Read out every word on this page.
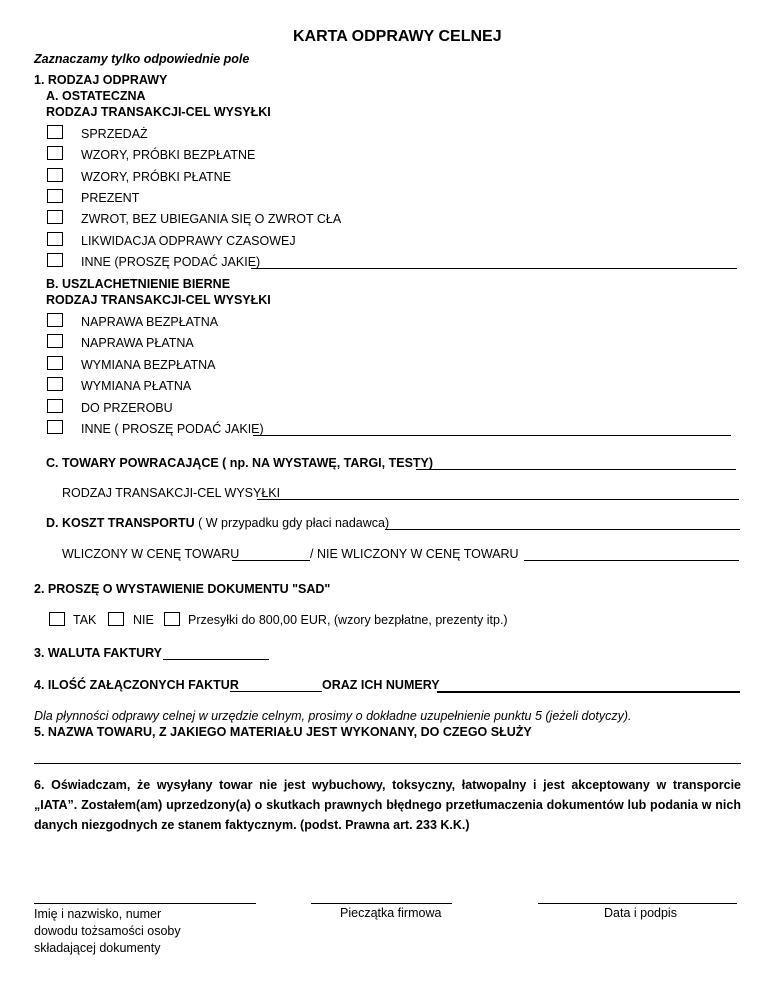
KARTA ODPRAWY CELNEJ
Zaznaczamy tylko odpowiednie pole
1. RODZAJ ODPRAWY
A. OSTATECZNA
RODZAJ TRANSAKCJI-CEL WYSYŁKI
SPRZEDAŻ
WZORY, PRÓBKI BEZPŁATNE
WZORY, PRÓBKI PŁATNE
PREZENT
ZWROT, BEZ UBIEGANIA SIĘ O ZWROT CŁA
LIKWIDACJA ODPRAWY CZASOWEJ
INNE (PROSZĘ PODAĆ JAKIE)
B. USZLACHETNIENIE BIERNE
RODZAJ TRANSAKCJI-CEL WYSYŁKI
NAPRAWA BEZPŁATNA
NAPRAWA PŁATNA
WYMIANA BEZPŁATNA
WYMIANA PŁATNA
DO PRZEROBU
INNE ( PROSZĘ PODAĆ JAKIE)
C. TOWARY POWRACAJĄCE ( np. NA WYSTAWĘ, TARGI, TESTY)
RODZAJ TRANSAKCJI-CEL WYSYŁKI
D. KOSZT TRANSPORTU ( W przypadku gdy płaci nadawca)
WLICZONY W CENĘ TOWARU	/ NIE WLICZONY W CENĘ TOWARU
2. PROSZĘ O WYSTAWIENIE DOKUMENTU "SAD"
TAK	NIE	Przesyłki do 800,00 EUR, (wzory bezpłatne, prezenty itp.)
3. WALUTA FAKTURY
4. ILOŚĆ ZAŁĄCZONYCH FAKTUR	ORAZ ICH NUMERY
Dla płynności odprawy celnej w urzędzie celnym, prosimy o dokładne uzupełnienie punktu 5 (jeżeli dotyczy).
5. NAZWA TOWARU, Z JAKIEGO MATERIAŁU JEST WYKONANY, DO CZEGO SŁUŻY
6. Oświadczam, że wysyłany towar nie jest wybuchowy, toksyczny, łatwopalny i jest akceptowany w transporcie „IATA”. Zostałem(am) uprzedzony(a) o skutkach prawnych błędnego przetłumaczenia dokumentów lub podania w nich danych niezgodnych ze stanem faktycznym. (podst. Prawna art. 233 K.K.)
Imię i nazwisko, numer
dowodu tożsamości osoby
składającej dokumenty
Pieczątka firmowa	Data i podpis
